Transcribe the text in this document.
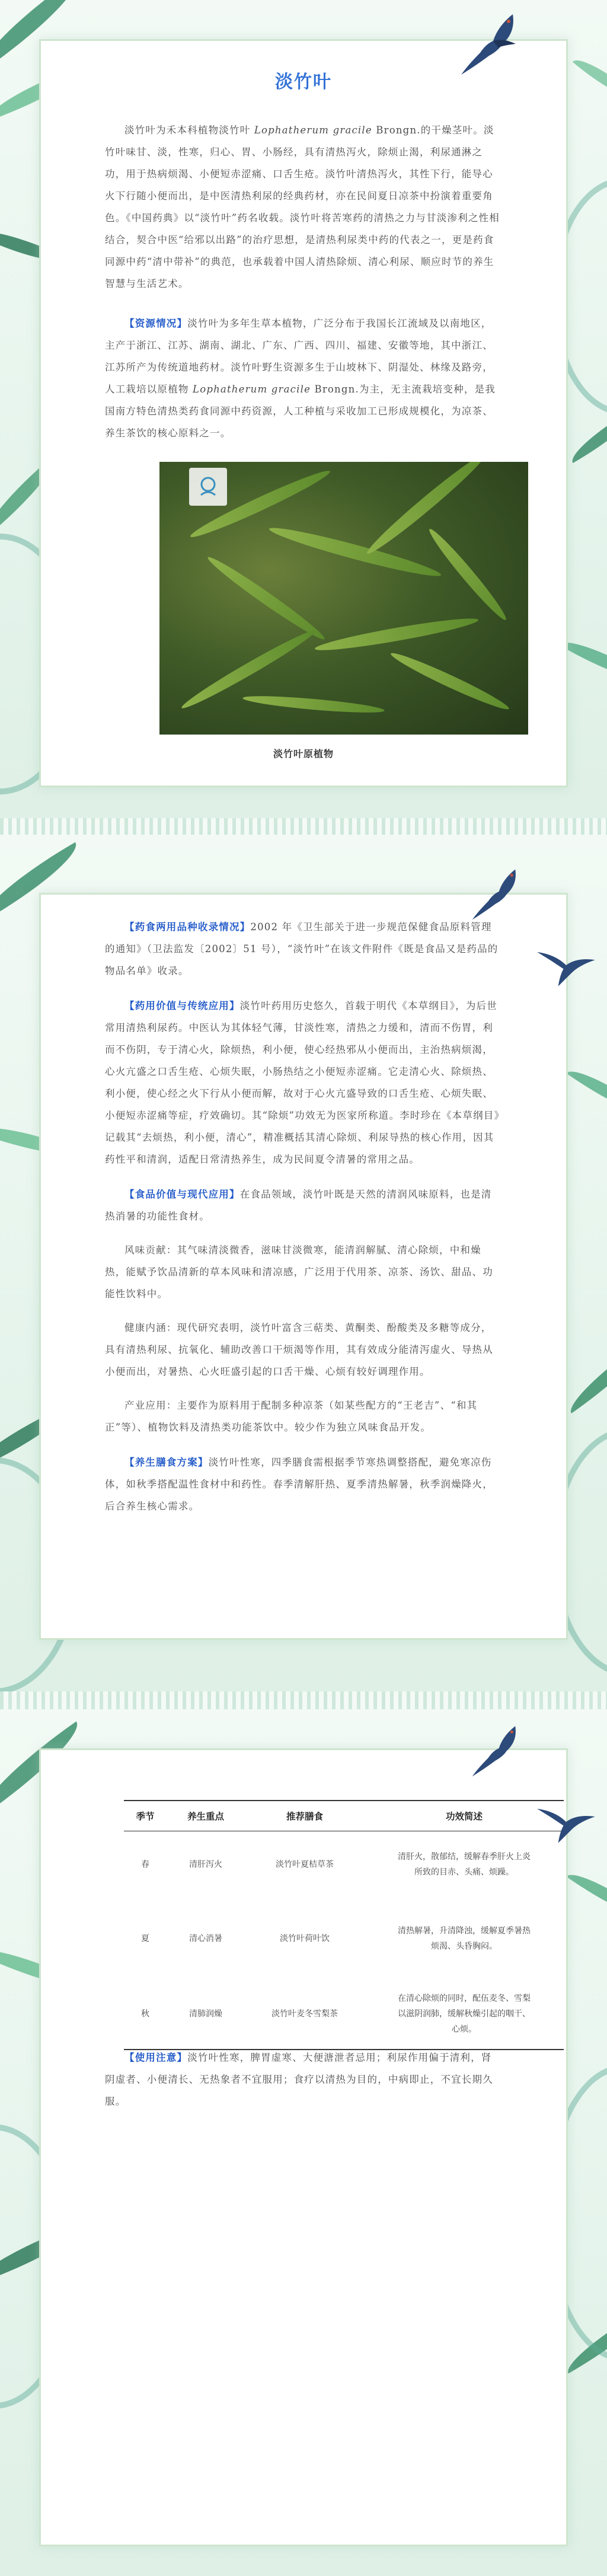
淡竹叶

淡竹叶为禾本科植物淡竹叶 Lophatherum gracile Brongn.的干燥茎叶。淡竹叶味甘、淡，性寒，归心、胃、小肠经，具有清热泻火，除烦止渴，利尿通淋之功，用于热病烦渴、小便短赤涩痛、口舌生疮。淡竹叶清热泻火，其性下行，能导心火下行随小便而出，是中医清热利尿的经典药材，亦在民间夏日凉茶中扮演着重要角色。《中国药典》以“淡竹叶”药名收载。淡竹叶将苦寒药的清热之力与甘淡渗利之性相结合，契合中医“给邪以出路”的治疗思想，是清热利尿类中药的代表之一，更是药食同源中药“清中带补”的典范，也承载着中国人清热除烦、清心利尿、顺应时节的养生智慧与生活艺术。

【资源情况】淡竹叶为多年生草本植物，广泛分布于我国长江流域及以南地区，主产于浙江、江苏、湖南、湖北、广东、广西、四川、福建、安徽等地，其中浙江、江苏所产为传统道地药材。淡竹叶野生资源多生于山坡林下、阴湿处、林缘及路旁，人工栽培以原植物 Lophatherum gracile Brongn.为主，无主流栽培变种，是我国南方特色清热类药食同源中药资源，人工种植与采收加工已形成规模化，为凉茶、养生茶饮的核心原料之一。

淡竹叶原植物

【药食两用品种收录情况】2002 年《卫生部关于进一步规范保健食品原料管理的通知》（卫法监发〔2002〕51 号），“淡竹叶”在该文件附件《既是食品又是药品的物品名单》收录。

【药用价值与传统应用】淡竹叶药用历史悠久，首载于明代《本草纲目》，为后世常用清热利尿药。中医认为其体轻气薄，甘淡性寒，清热之力缓和，清而不伤胃，利而不伤阴，专于清心火，除烦热，利小便，使心经热邪从小便而出，主治热病烦渴，心火亢盛之口舌生疮、心烦失眠，小肠热结之小便短赤涩痛。它走清心火、除烦热、利小便，使心经之火下行从小便而解，故对于心火亢盛导致的口舌生疮、心烦失眠、小便短赤涩痛等症，疗效确切。其“除烦”功效无为医家所称道。李时珍在《本草纲目》记载其“去烦热，利小便，清心”，精准概括其清心除烦、利尿导热的核心作用，因其药性平和清润，适配日常清热养生，成为民间夏令清暑的常用之品。

【食品价值与现代应用】在食品领域，淡竹叶既是天然的清润风味原料，也是清热消暑的功能性食材。

风味贡献：其气味清淡微香，滋味甘淡微寒，能清润解腻、清心除烦，中和燥热，能赋予饮品清新的草本风味和清凉感，广泛用于代用茶、凉茶、汤饮、甜品、功能性饮料中。

健康内涵：现代研究表明，淡竹叶富含三萜类、黄酮类、酚酸类及多糖等成分，具有清热利尿、抗氧化、辅助改善口干烦渴等作用，其有效成分能清泻虚火、导热从小便而出，对暑热、心火旺盛引起的口舌干燥、心烦有较好调理作用。

产业应用：主要作为原料用于配制多种凉茶（如某些配方的“王老吉”、“和其正”等）、植物饮料及清热类功能茶饮中。较少作为独立风味食品开发。

【养生膳食方案】淡竹叶性寒，四季膳食需根据季节寒热调整搭配，避免寒凉伤体，如秋季搭配温性食材中和药性。春季清解肝热、夏季清热解暑，秋季润燥降火，后合养生核心需求。

季节	养生重点	推荐膳食	功效简述
春	清肝泻火	淡竹叶夏桔草茶	清肝火，散郁结，缓解春季肝火上炎所致的目赤、头痛、烦躁。
夏	清心消暑	淡竹叶荷叶饮	清热解暑，升清降浊，缓解夏季暑热烦渴、头昏胸闷。
秋	清肺润燥	淡竹叶麦冬雪梨茶	在清心除烦的同时，配伍麦冬、雪梨以滋阴润肺，缓解秋燥引起的咽干、心烦。

【使用注意】淡竹叶性寒，脾胃虚寒、大便溏泄者忌用；利尿作用偏于清利，肾阴虚者、小便清长、无热象者不宜服用；食疗以清热为目的，中病即止，不宜长期久服。
